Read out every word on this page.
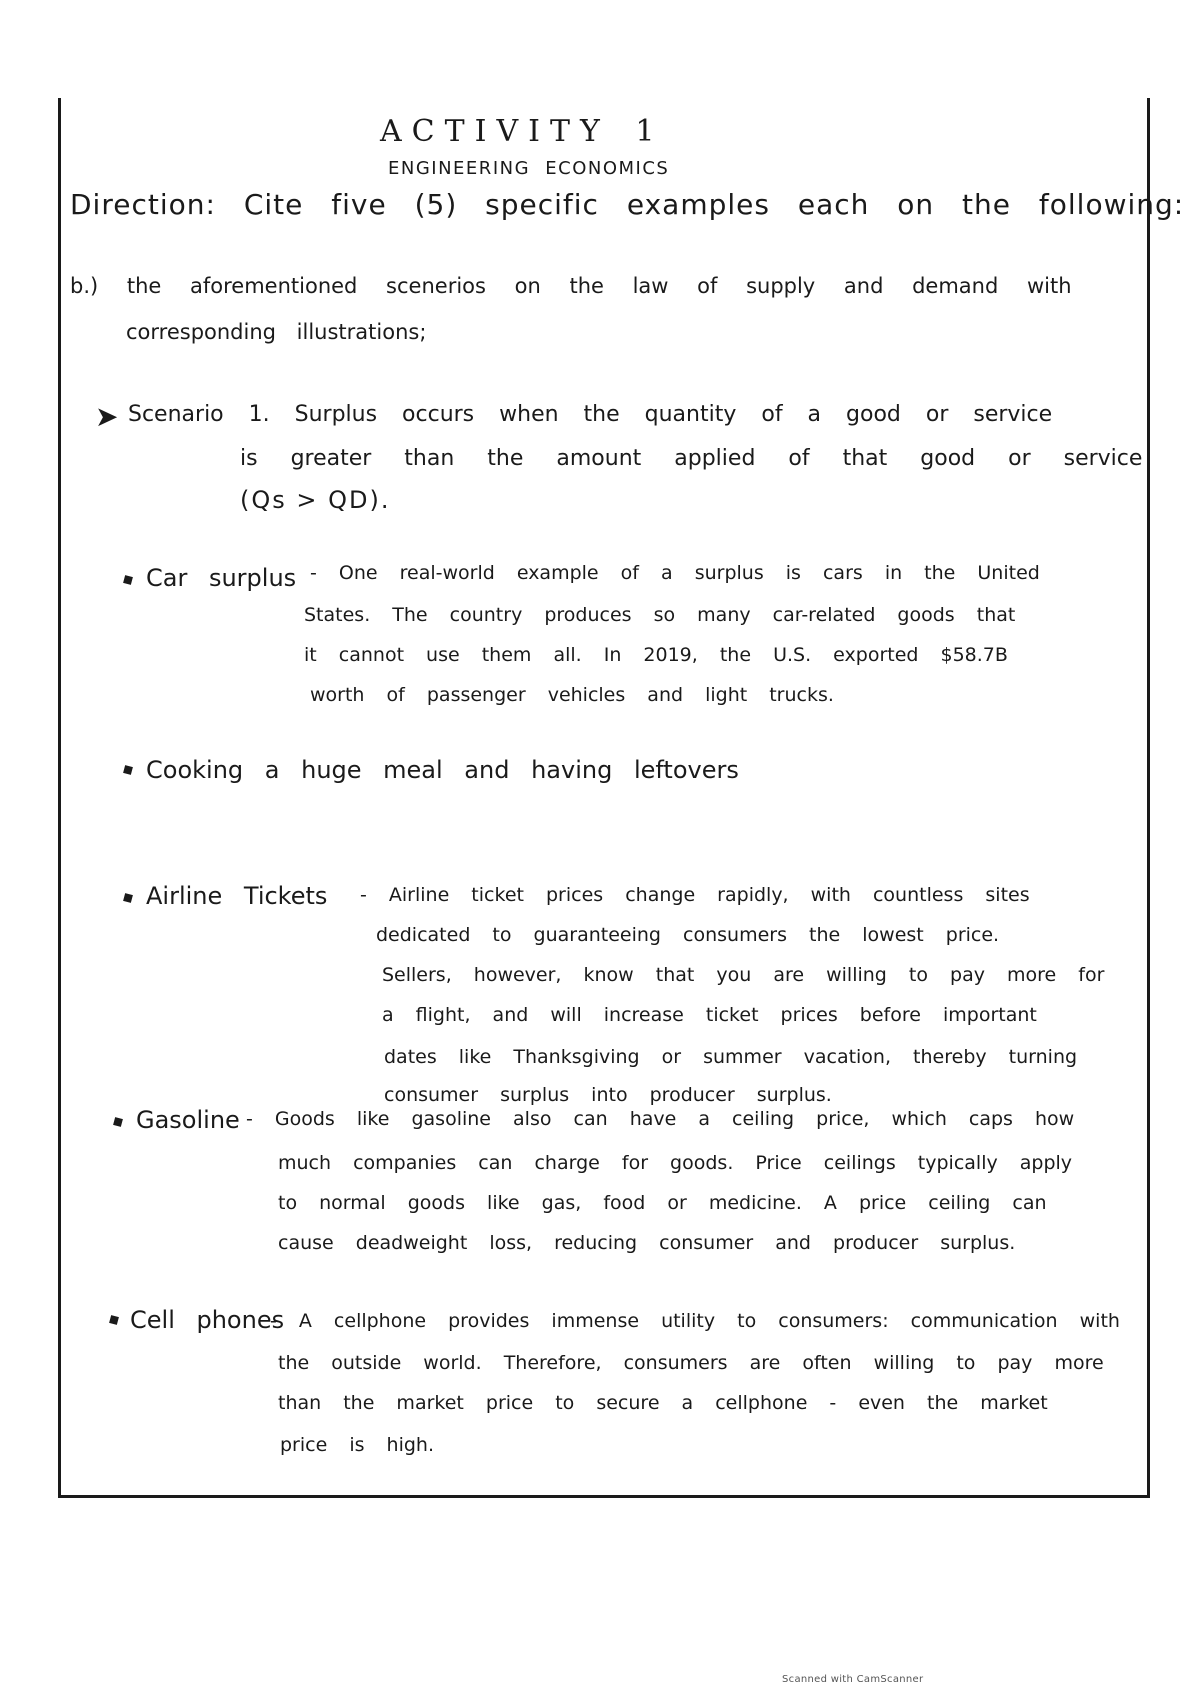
ACTIVITY 1
ENGINEERING ECONOMICS
Direction: Cite five (5) specific examples each on the following:
b.) the aforementioned scenerios on the law of supply and demand with
corresponding illustrations;
➤ Scenario 1. Surplus occurs when the quantity of a good or service
is greater than the amount applied of that good or service
(Qs > QD).
Car surplus - One real-world example of a surplus is cars in the United
States. The country produces so many car-related goods that
it cannot use them all. In 2019, the U.S. exported $58.7B
worth of passenger vehicles and light trucks.
Cooking a huge meal and having leftovers
Airline Tickets - Airline ticket prices change rapidly, with countless sites
dedicated to guaranteeing consumers the lowest price.
Sellers, however, know that you are willing to pay more for
a flight, and will increase ticket prices before important
dates like Thanksgiving or summer vacation, thereby turning
consumer surplus into producer surplus.
Gasoline - Goods like gasoline also can have a ceiling price, which caps how
much companies can charge for goods. Price ceilings typically apply
to normal goods like gas, food or medicine. A price ceiling can
cause deadweight loss, reducing consumer and producer surplus.
Cell phones
- A cellphone provides immense utility to consumers: communication with
the outside world. Therefore, consumers are often willing to pay more
than the market price to secure a cellphone - even the market
price is high.
Scanned with CamScanner
